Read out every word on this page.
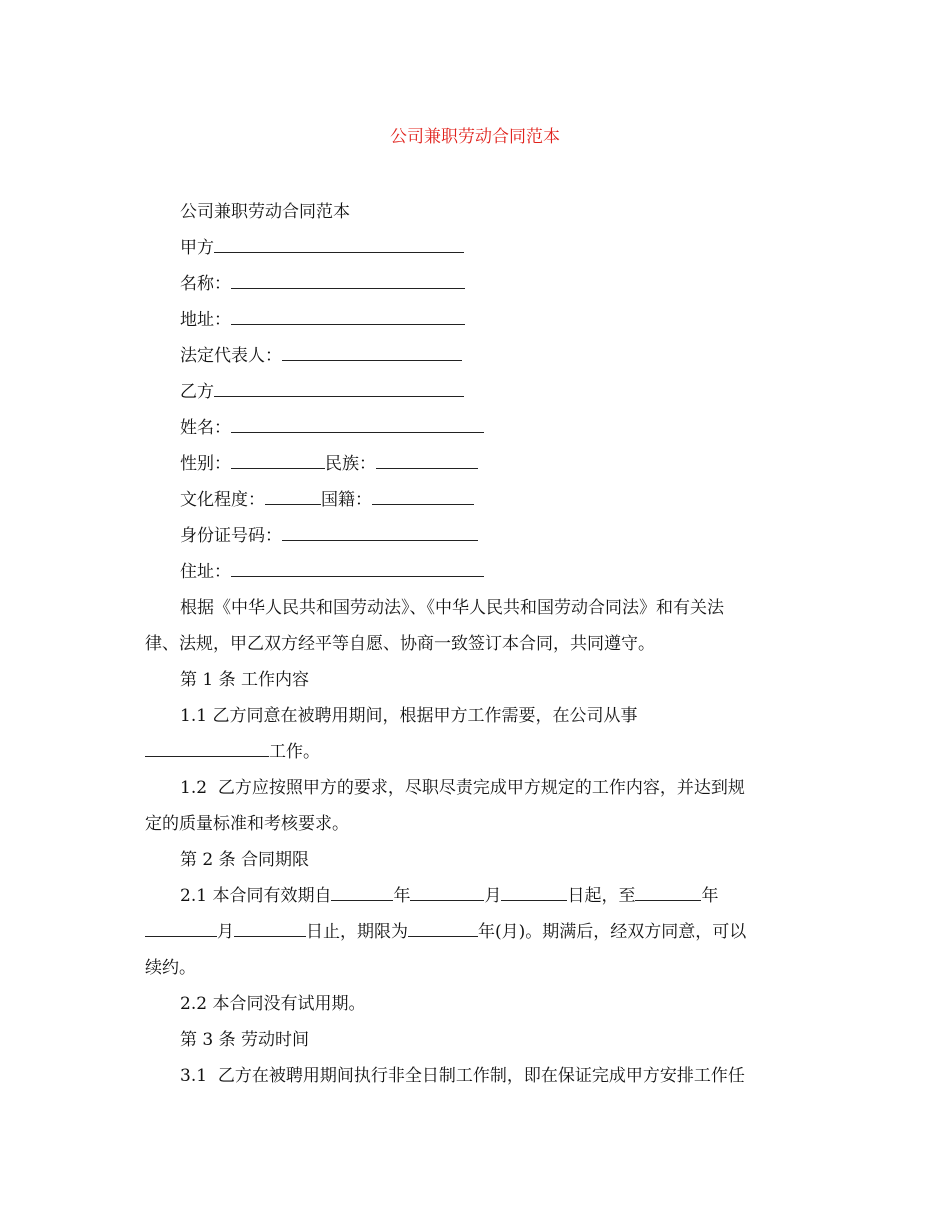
公司兼职劳动合同范本

公司兼职劳动合同范本

甲方

名称：

地址：

法定代表人：

乙方

姓名：

性别：	民族：

文化程度：	国籍：

身份证号码：

住址：

根据《中华人民共和国劳动法》、《中华人民共和国劳动合同法》和有关法

律、法规，甲乙双方经平等自愿、协商一致签订本合同，共同遵守。

第 1 条 工作内容

1.1 乙方同意在被聘用期间，根据甲方工作需要，在公司从事

工作。

1.2  乙方应按照甲方的要求，尽职尽责完成甲方规定的工作内容，并达到规

定的质量标准和考核要求。

第 2 条 合同期限

2.1 本合同有效期自	年	月	日起，至	年

月	日止，期限为	年(月)。期满后，经双方同意，可以

续约。

2.2 本合同没有试用期。

第 3 条 劳动时间

3.1  乙方在被聘用期间执行非全日制工作制，即在保证完成甲方安排工作任
